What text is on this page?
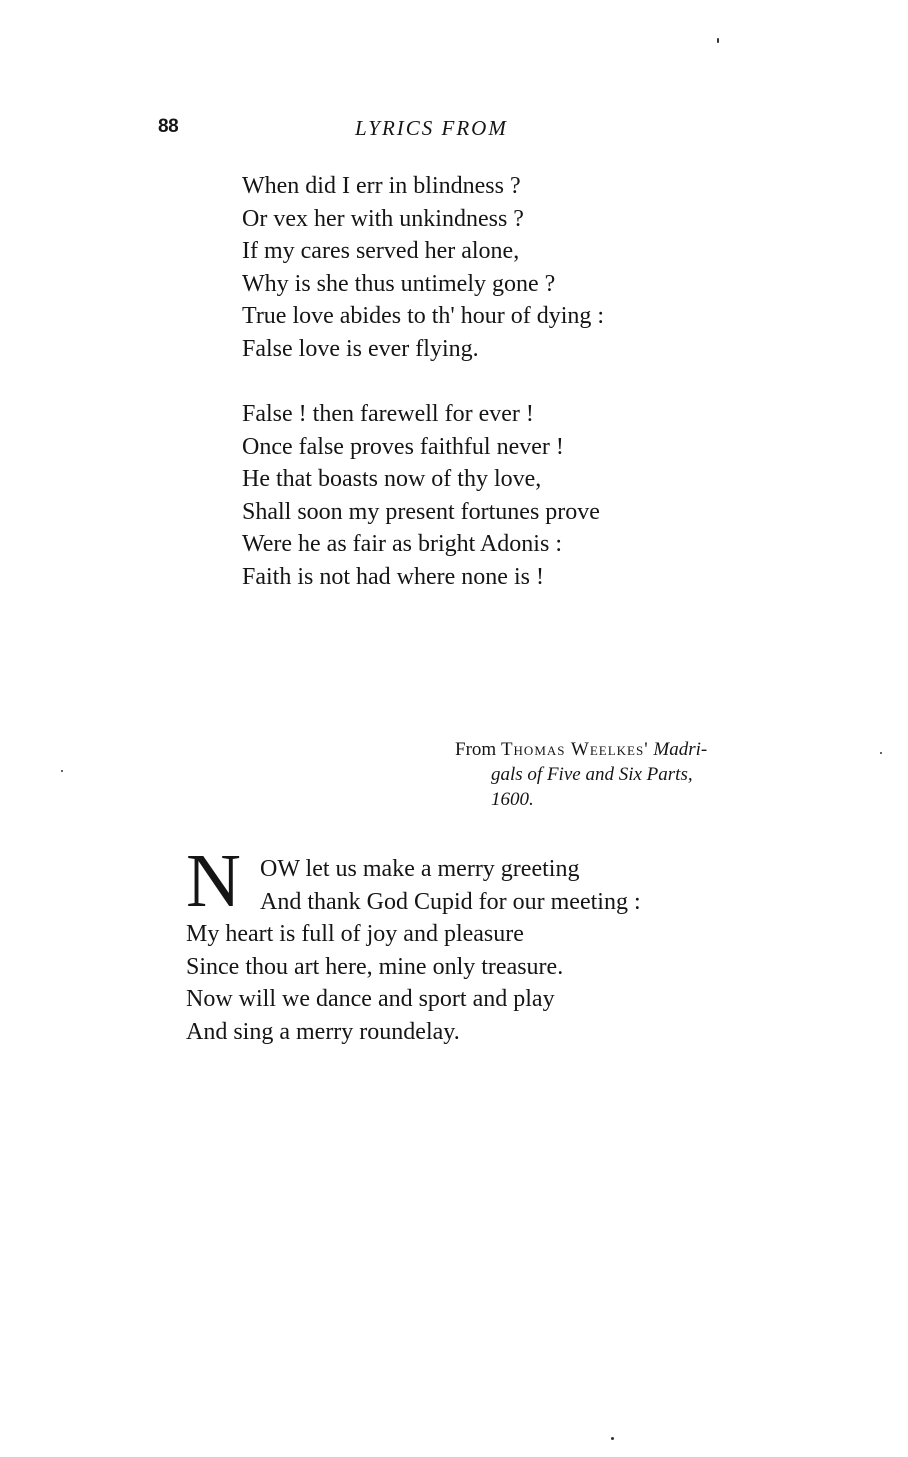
88	LYRICS FROM
When did I err in blindness ?
Or vex her with unkindness ?
If my cares served her alone,
Why is she thus untimely gone ?
True love abides to th' hour of dying :
False love is ever flying.
False ! then farewell for ever !
Once false proves faithful never !
He that boasts now of thy love,
Shall soon my present fortunes prove
Were he as fair as bright Adonis :
Faith is not had where none is !
From Thomas Weelkes' Madri-
gals of Five and Six Parts,
1600.
N OW let us make a merry greeting
And thank God Cupid for our meeting :
My heart is full of joy and pleasure
Since thou art here, mine only treasure.
Now will we dance and sport and play
And sing a merry roundelay.
